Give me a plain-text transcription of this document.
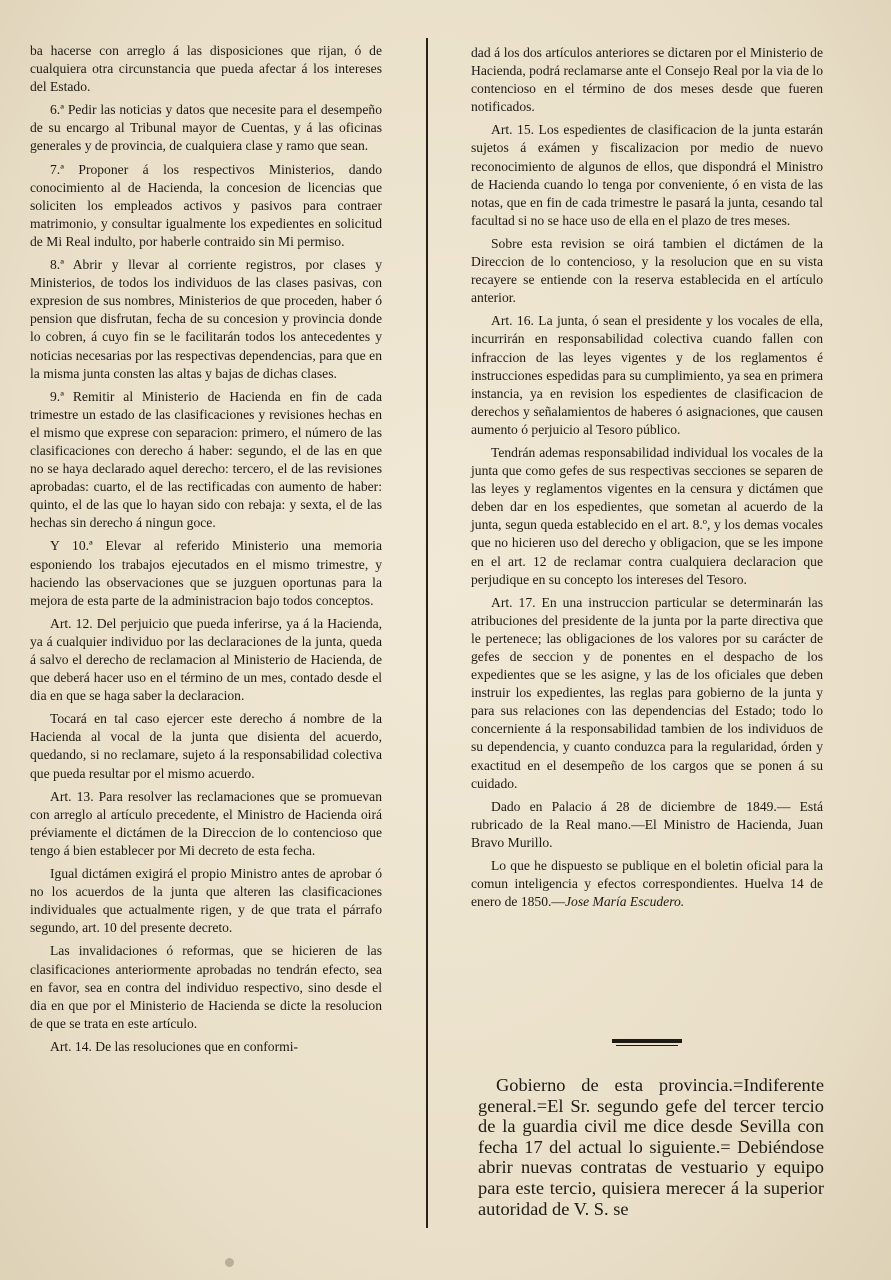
ba hacerse con arreglo á las disposiciones que rijan, ó de cualquiera otra circunstancia que pueda afectar á los intereses del Estado.

6.ª Pedir las noticias y datos que necesite para el desempeño de su encargo al Tribunal mayor de Cuentas, y á las oficinas generales y de provincia, de cualquiera clase y ramo que sean.

7.ª Proponer á los respectivos Ministerios, dando conocimiento al de Hacienda, la concesion de licencias que soliciten los empleados activos y pasivos para contraer matrimonio, y consultar igualmente los expedientes en solicitud de Mi Real indulto, por haberle contraido sin Mi permiso.

8.ª Abrir y llevar al corriente registros, por clases y Ministerios, de todos los individuos de las clases pasivas, con expresion de sus nombres, Ministerios de que proceden, haber ó pension que disfrutan, fecha de su concesion y provincia donde lo cobren, á cuyo fin se le facilitarán todos los antecedentes y noticias necesarias por las respectivas dependencias, para que en la misma junta consten las altas y bajas de dichas clases.

9.ª Remitir al Ministerio de Hacienda en fin de cada trimestre un estado de las clasificaciones y revisiones hechas en el mismo que exprese con separacion: primero, el número de las clasificaciones con derecho á haber: segundo, el de las en que no se haya declarado aquel derecho: tercero, el de las revisiones aprobadas: cuarto, el de las rectificadas con aumento de haber: quinto, el de las que lo hayan sido con rebaja: y sexta, el de las hechas sin derecho á ningun goce.

Y 10.ª Elevar al referido Ministerio una memoria esponiendo los trabajos ejecutados en el mismo trimestre, y haciendo las observaciones que se juzguen oportunas para la mejora de esta parte de la administracion bajo todos conceptos.

Art. 12. Del perjuicio que pueda inferirse, ya á la Hacienda, ya á cualquier individuo por las declaraciones de la junta, queda á salvo el derecho de reclamacion al Ministerio de Hacienda, de que deberá hacer uso en el término de un mes, contado desde el dia en que se haga saber la declaracion.

Tocará en tal caso ejercer este derecho á nombre de la Hacienda al vocal de la junta que disienta del acuerdo, quedando, si no reclamare, sujeto á la responsabilidad colectiva que pueda resultar por el mismo acuerdo.

Art. 13. Para resolver las reclamaciones que se promuevan con arreglo al artículo precedente, el Ministro de Hacienda oirá préviamente el dictámen de la Direccion de lo contencioso que tengo á bien establecer por Mi decreto de esta fecha.

Igual dictámen exigirá el propio Ministro antes de aprobar ó no los acuerdos de la junta que alteren las clasificaciones individuales que actualmente rigen, y de que trata el párrafo segundo, art. 10 del presente decreto.

Las invalidaciones ó reformas, que se hicieren de las clasificaciones anteriormente aprobadas no tendrán efecto, sea en favor, sea en contra del individuo respectivo, sino desde el dia en que por el Ministerio de Hacienda se dicte la resolucion de que se trata en este artículo.

Art. 14. De las resoluciones que en conformi-

dad á los dos artículos anteriores se dictaren por el Ministerio de Hacienda, podrá reclamarse ante el Consejo Real por la via de lo contencioso en el término de dos meses desde que fueren notificados.

Art. 15. Los espedientes de clasificacion de la junta estarán sujetos á exámen y fiscalizacion por medio de nuevo reconocimiento de algunos de ellos, que dispondrá el Ministro de Hacienda cuando lo tenga por conveniente, ó en vista de las notas, que en fin de cada trimestre le pasará la junta, cesando tal facultad si no se hace uso de ella en el plazo de tres meses.

Sobre esta revision se oirá tambien el dictámen de la Direccion de lo contencioso, y la resolucion que en su vista recayere se entiende con la reserva establecida en el artículo anterior.

Art. 16. La junta, ó sean el presidente y los vocales de ella, incurrirán en responsabilidad colectiva cuando fallen con infraccion de las leyes vigentes y de los reglamentos é instrucciones espedidas para su cumplimiento, ya sea en primera instancia, ya en revision los espedientes de clasificacion de derechos y señalamientos de haberes ó asignaciones, que causen aumento ó perjuicio al Tesoro público.

Tendrán ademas responsabilidad individual los vocales de la junta que como gefes de sus respectivas secciones se separen de las leyes y reglamentos vigentes en la censura y dictámen que deben dar en los espedientes, que sometan al acuerdo de la junta, segun queda establecido en el art. 8.º, y los demas vocales que no hicieren uso del derecho y obligacion, que se les impone en el art. 12 de reclamar contra cualquiera declaracion que perjudique en su concepto los intereses del Tesoro.

Art. 17. En una instruccion particular se determinarán las atribuciones del presidente de la junta por la parte directiva que le pertenece; las obligaciones de los valores por su carácter de gefes de seccion y de ponentes en el despacho de los expedientes que se les asigne, y las de los oficiales que deben instruir los expedientes, las reglas para gobierno de la junta y para sus relaciones con las dependencias del Estado; todo lo concerniente á la responsabilidad tambien de los individuos de su dependencia, y cuanto conduzca para la regularidad, órden y exactitud en el desempeño de los cargos que se ponen á su cuidado.

Dado en Palacio á 28 de diciembre de 1849.— Está rubricado de la Real mano.—El Ministro de Hacienda, Juan Bravo Murillo.

Lo que he dispuesto se publique en el boletin oficial para la comun inteligencia y efectos correspondientes. Huelva 14 de enero de 1850.—Jose María Escudero.

Gobierno de esta provincia.=Indiferente general.=El Sr. segundo gefe del tercer tercio de la guardia civil me dice desde Sevilla con fecha 17 del actual lo siguiente.= Debiéndose abrir nuevas contratas de vestuario y equipo para este tercio, quisiera merecer á la superior autoridad de V. S. se
